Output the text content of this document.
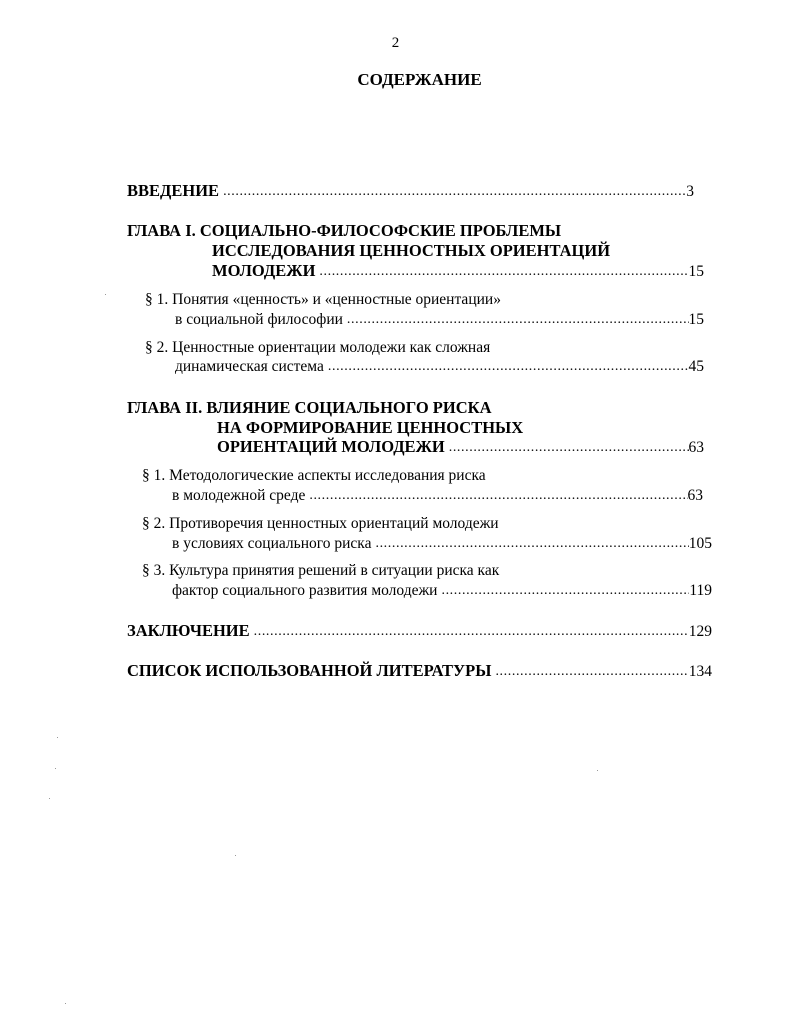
2
СОДЕРЖАНИЕ
ВВЕДЕНИЕ .....	3
ГЛАВА I. СОЦИАЛЬНО-ФИЛОСОФСКИЕ ПРОБЛЕМЫ
ИССЛЕДОВАНИЯ ЦЕННОСТНЫХ ОРИЕНТАЦИЙ
МОЛОДЕЖИ .....	15
§ 1. Понятия «ценность» и «ценностные ориентации»
в социальной философии .....	15
§ 2. Ценностные ориентации молодежи как сложная
динамическая система .....	45
ГЛАВА II. ВЛИЯНИЕ СОЦИАЛЬНОГО РИСКА
НА ФОРМИРОВАНИЕ ЦЕННОСТНЫХ
ОРИЕНТАЦИЙ МОЛОДЕЖИ .....	63
§ 1. Методологические аспекты исследования риска
в молодежной среде .....	63
§ 2. Противоречия ценностных ориентаций молодежи
в условиях социального риска .....	105
§ 3. Культура принятия решений в ситуации риска как
фактор социального развития молодежи .....	119
ЗАКЛЮЧЕНИЕ .....	129
СПИСОК ИСПОЛЬЗОВАННОЙ ЛИТЕРАТУРЫ .....	134
